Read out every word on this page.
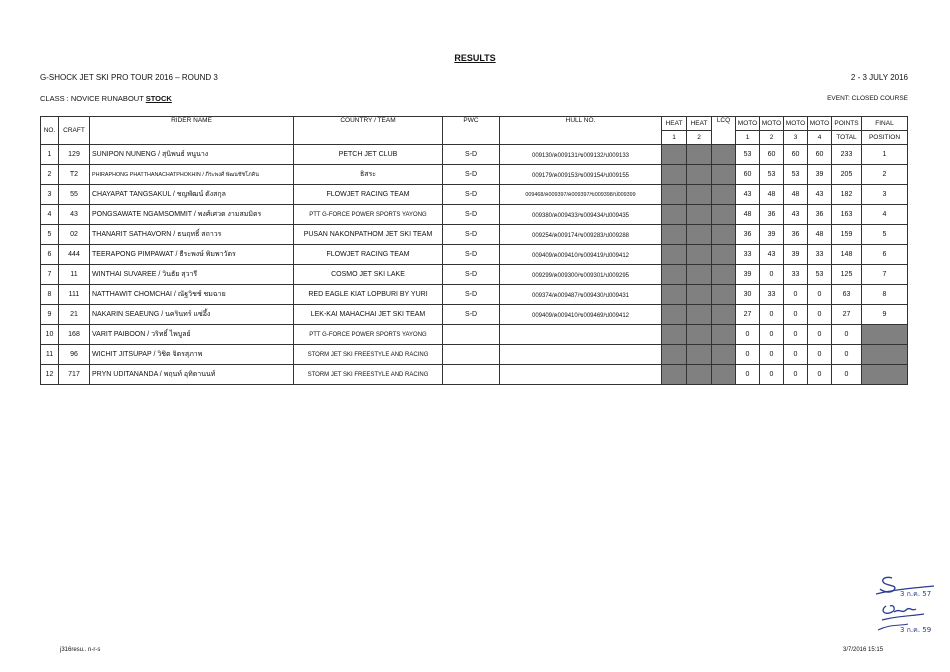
RESULTS
G-SHOCK JET SKI PRO TOUR 2016 – ROUND 3	2 - 3 JULY 2016
CLASS : NOVICE RUNABOUT STOCK	EVENT: CLOSED COURSE
NO.	CRAFT	RIDER NAME	COUNTRY / TEAM	PWC	HULL NO.	HEAT	HEAT	LCQ	MOTO	MOTO	MOTO	MOTO	POINTS	FINAL
						1	2		1	2	3	4	TOTAL	POSITION
1	129	SUNIPON NUNENG / สุนิพนธ์ หนูนาง	PETCH JET CLUB	S-D	009130/ค009131/ข009132/ป009133				53	60	60	60	233	1
2	T2	PHIRAPHONG PHATTHANACHATPHOKHIN / ภีระพงศ์ พัฒนชัชโภคิน	ธิสระ	S-D	009179/ค009153/ข009154/ป009155				60	53	53	39	205	2
3	55	CHAYAPAT TANGSAKUL / ชญพัฒน์ ตังสกุล	FLOWJET RACING TEAM	S-D	009468/ค009397/ค009397/ข009398/ป009399				43	48	48	43	182	3
4	43	PONGSAWATE NGAMSOMMIT / พงศ์เศวต งามสมมิตร	PTT G-FORCE POWER SPORTS YAYONG	S-D	009380/ค009433/ข009434/ป009435				48	36	43	36	163	4
5	02	THANARIT SATHAVORN / ธนฤทธิ์ สถาวร	PUSAN NAKONPATHOM JET SKI TEAM	S-D	009254/ค009174/ข009283/ป009288				36	39	36	48	159	5
6	444	TEERAPONG PIMPAWAT / ธีระพงษ์ พิมพาวัตร	FLOWJET RACING TEAM	S-D	009409/ค009410/ข009419/ป009412				33	43	39	33	148	6
7	11	WINTHAI SUVAREE / วินธัย สุวารี	COSMO JET SKI LAKE	S-D	009299/ค009300/ข009301/ป009295				39	0	33	53	125	7
8	111	NATTHAWIT CHOMCHAI / ณัฐวิชช์ ชมฉาย	RED EAGLE KIAT LOPBURI BY YURI	S-D	009374/ค009487/ข009430/ป009431				30	33	0	0	63	8
9	21	NAKARIN SEAEUNG / นครินทร์ แซ่อึ้ง	LEK-KAI MAHACHAI JET SKI TEAM	S-D	009409/ค009410/ข009469/ป009412				27	0	0	0	27	9
10	168	VARIT PAIBOON / วริทธิ์ ไพบูลย์	PTT G-FORCE POWER SPORTS YAYONG						0	0	0	0	0	
11	96	WICHIT JITSUPAP / วิชิต จิตรสุภาพ	STORM JET SKI FREESTYLE AND RACING						0	0	0	0	0	
12	717	PRYN UDITANANDA / พฤนท์ อุทิตานนท์	STORM JET SKI FREESTYLE AND RACING						0	0	0	0	0	
j316resu.. n-r-s	3/7/2016 15:15
3 ก.ค. 57
3 ก.ค. 59
